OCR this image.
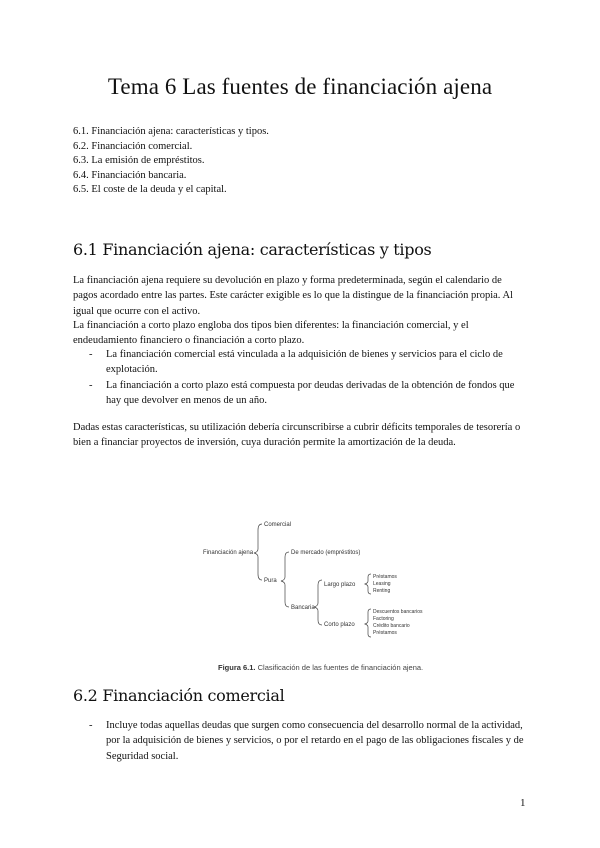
Tema 6 Las fuentes de financiación ajena
6.1. Financiación ajena: características y tipos.
6.2. Financiación comercial.
6.3. La emisión de empréstitos.
6.4. Financiación bancaria.
6.5. El coste de la deuda y el capital.
6.1 Financiación ajena: características y tipos

La financiación ajena requiere su devolución en plazo y forma predeterminada, según el calendario de pagos acordado entre las partes. Este carácter exigible es lo que la distingue de la financiación propia. Al igual que ocurre con el activo.

La financiación a corto plazo engloba dos tipos bien diferentes: la financiación comercial, y el endeudamiento financiero o financiación a corto plazo.

- La financiación comercial está vinculada a la adquisición de bienes y servicios para el ciclo de explotación.
- La financiación a corto plazo está compuesta por deudas derivadas de la obtención de fondos que hay que devolver en menos de un año.

Dadas estas características, su utilización debería circunscribirse a cubrir déficits temporales de tesorería o bien a financiar proyectos de inversión, cuya duración permite la amortización de la deuda.

Financiación ajena
Comercial
Pura
De mercado (empréstitos)
Bancaria
Largo plazo
Corto plazo
Préstamos
Leasing
Renting
Descuentos bancarios
Factoring
Crédito bancario
Préstamos
Figura 6.1. Clasificación de las fuentes de financiación ajena.
6.2 Financiación comercial
- Incluye todas aquellas deudas que surgen como consecuencia del desarrollo normal de la actividad, por la adquisición de bienes y servicios, o por el retardo en el pago de las obligaciones fiscales y de Seguridad social.
1
